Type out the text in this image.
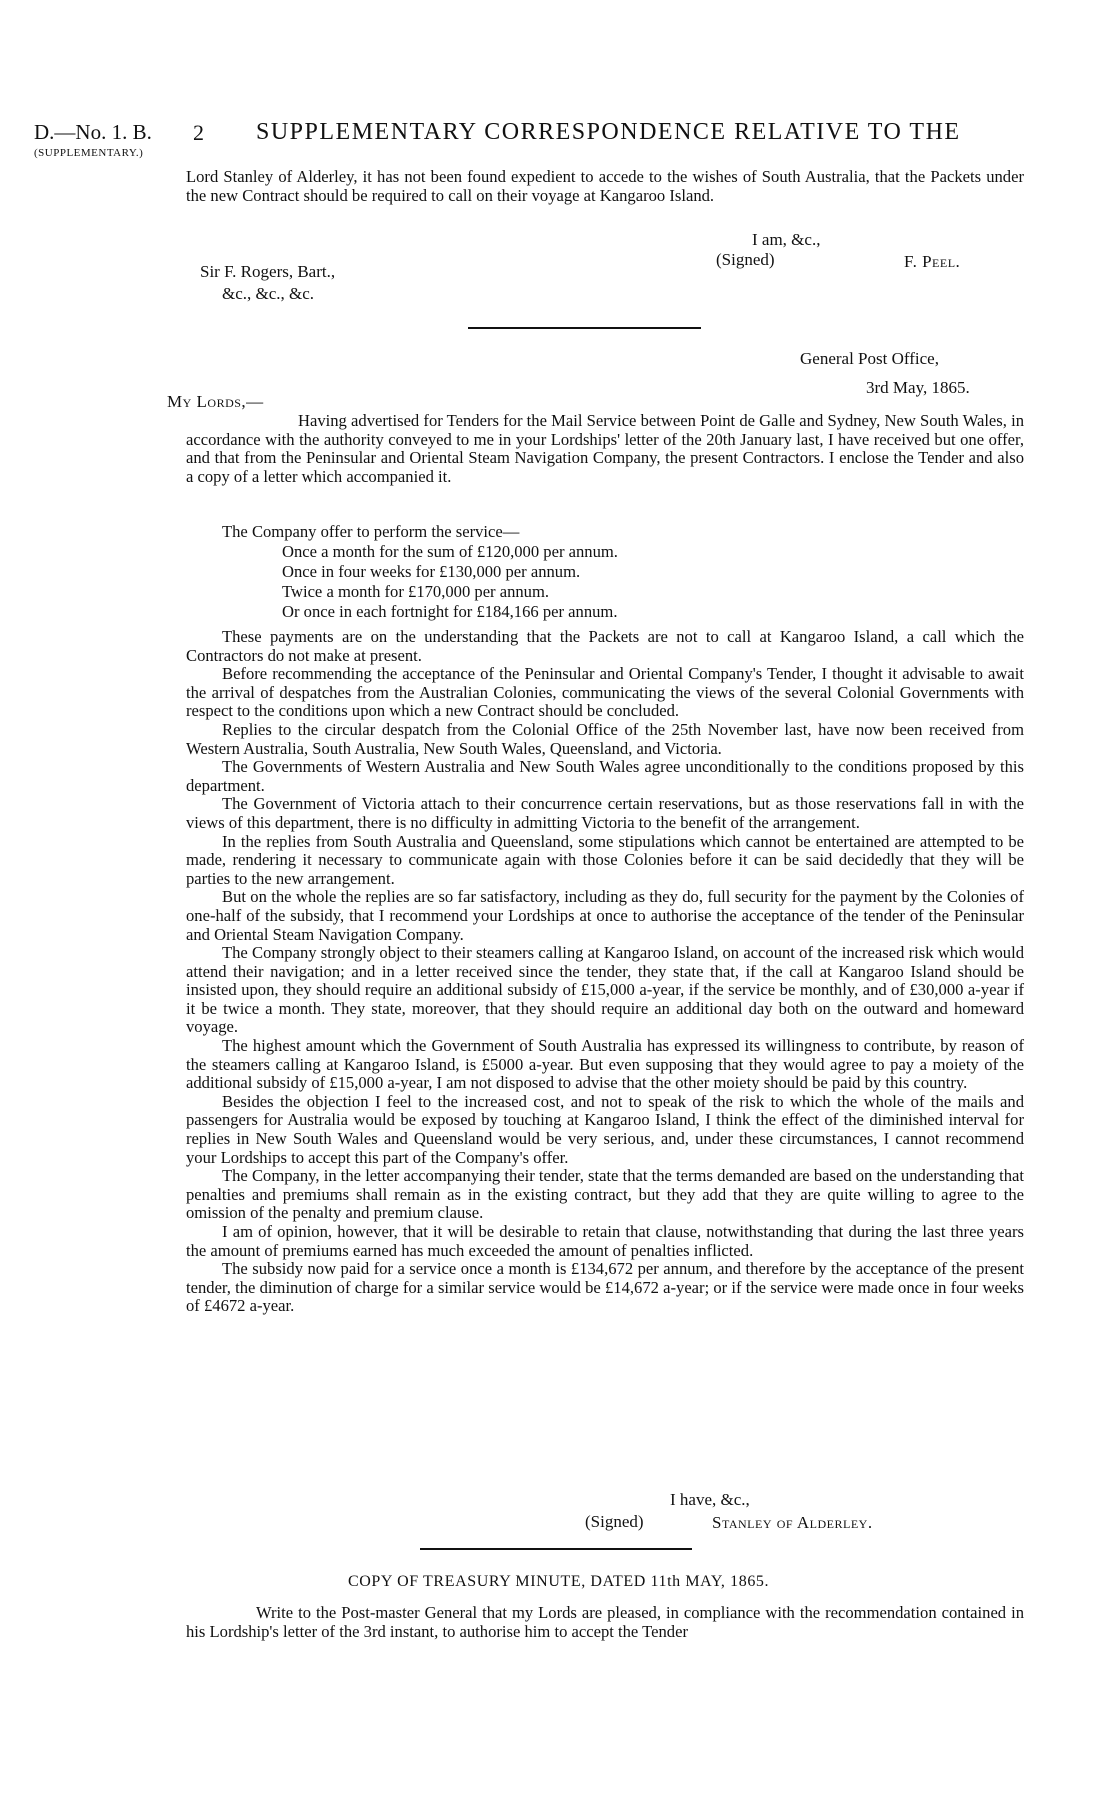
D.—No. 1. B.
(SUPPLEMENTARY.)
2 SUPPLEMENTARY CORRESPONDENCE RELATIVE TO THE

Lord Stanley of Alderley, it has not been found expedient to accede to the wishes of South Australia, that the Packets under the new Contract should be required to call on their voyage at Kangaroo Island.

I am, &c.,
(Signed)	F. Peel.
Sir F. Rogers, Bart.,
&c., &c., &c.
General Post Office,
3rd May, 1865.
My Lords,—

Having advertised for Tenders for the Mail Service between Point de Galle and Sydney, New South Wales, in accordance with the authority conveyed to me in your Lordships' letter of the 20th January last, I have received but one offer, and that from the Peninsular and Oriental Steam Navigation Company, the present Contractors. I enclose the Tender and also a copy of a letter which accompanied it.

The Company offer to perform the service—
Once a month for the sum of £120,000 per annum.
Once in four weeks for £130,000 per annum.
Twice a month for £170,000 per annum.
Or once in each fortnight for £184,166 per annum.

These payments are on the understanding that the Packets are not to call at Kangaroo Island, a call which the Contractors do not make at present.

Before recommending the acceptance of the Peninsular and Oriental Company's Tender, I thought it advisable to await the arrival of despatches from the Australian Colonies, communicating the views of the several Colonial Governments with respect to the conditions upon which a new Contract should be concluded.

Replies to the circular despatch from the Colonial Office of the 25th November last, have now been received from Western Australia, South Australia, New South Wales, Queensland, and Victoria.

The Governments of Western Australia and New South Wales agree unconditionally to the conditions proposed by this department.

The Government of Victoria attach to their concurrence certain reservations, but as those reservations fall in with the views of this department, there is no difficulty in admitting Victoria to the benefit of the arrangement.

In the replies from South Australia and Queensland, some stipulations which cannot be entertained are attempted to be made, rendering it necessary to communicate again with those Colonies before it can be said decidedly that they will be parties to the new arrangement.

But on the whole the replies are so far satisfactory, including as they do, full security for the payment by the Colonies of one-half of the subsidy, that I recommend your Lordships at once to authorise the acceptance of the tender of the Peninsular and Oriental Steam Navigation Company.

The Company strongly object to their steamers calling at Kangaroo Island, on account of the increased risk which would attend their navigation; and in a letter received since the tender, they state that, if the call at Kangaroo Island should be insisted upon, they should require an additional subsidy of £15,000 a-year, if the service be monthly, and of £30,000 a-year if it be twice a month. They state, moreover, that they should require an additional day both on the outward and homeward voyage.

The highest amount which the Government of South Australia has expressed its willingness to contribute, by reason of the steamers calling at Kangaroo Island, is £5000 a-year. But even supposing that they would agree to pay a moiety of the additional subsidy of £15,000 a-year, I am not disposed to advise that the other moiety should be paid by this country.

Besides the objection I feel to the increased cost, and not to speak of the risk to which the whole of the mails and passengers for Australia would be exposed by touching at Kangaroo Island, I think the effect of the diminished interval for replies in New South Wales and Queensland would be very serious, and, under these circumstances, I cannot recommend your Lordships to accept this part of the Company's offer.

The Company, in the letter accompanying their tender, state that the terms demanded are based on the understanding that penalties and premiums shall remain as in the existing contract, but they add that they are quite willing to agree to the omission of the penalty and premium clause.

I am of opinion, however, that it will be desirable to retain that clause, notwithstanding that during the last three years the amount of premiums earned has much exceeded the amount of penalties inflicted.

The subsidy now paid for a service once a month is £134,672 per annum, and therefore by the acceptance of the present tender, the diminution of charge for a similar service would be £14,672 a-year; or if the service were made once in four weeks of £4672 a-year.

I have, &c.,
(Signed)	Stanley of Alderley.
COPY OF TREASURY MINUTE, DATED 11th MAY, 1865.

Write to the Post-master General that my Lords are pleased, in compliance with the recommendation contained in his Lordship's letter of the 3rd instant, to authorise him to accept the Tender
